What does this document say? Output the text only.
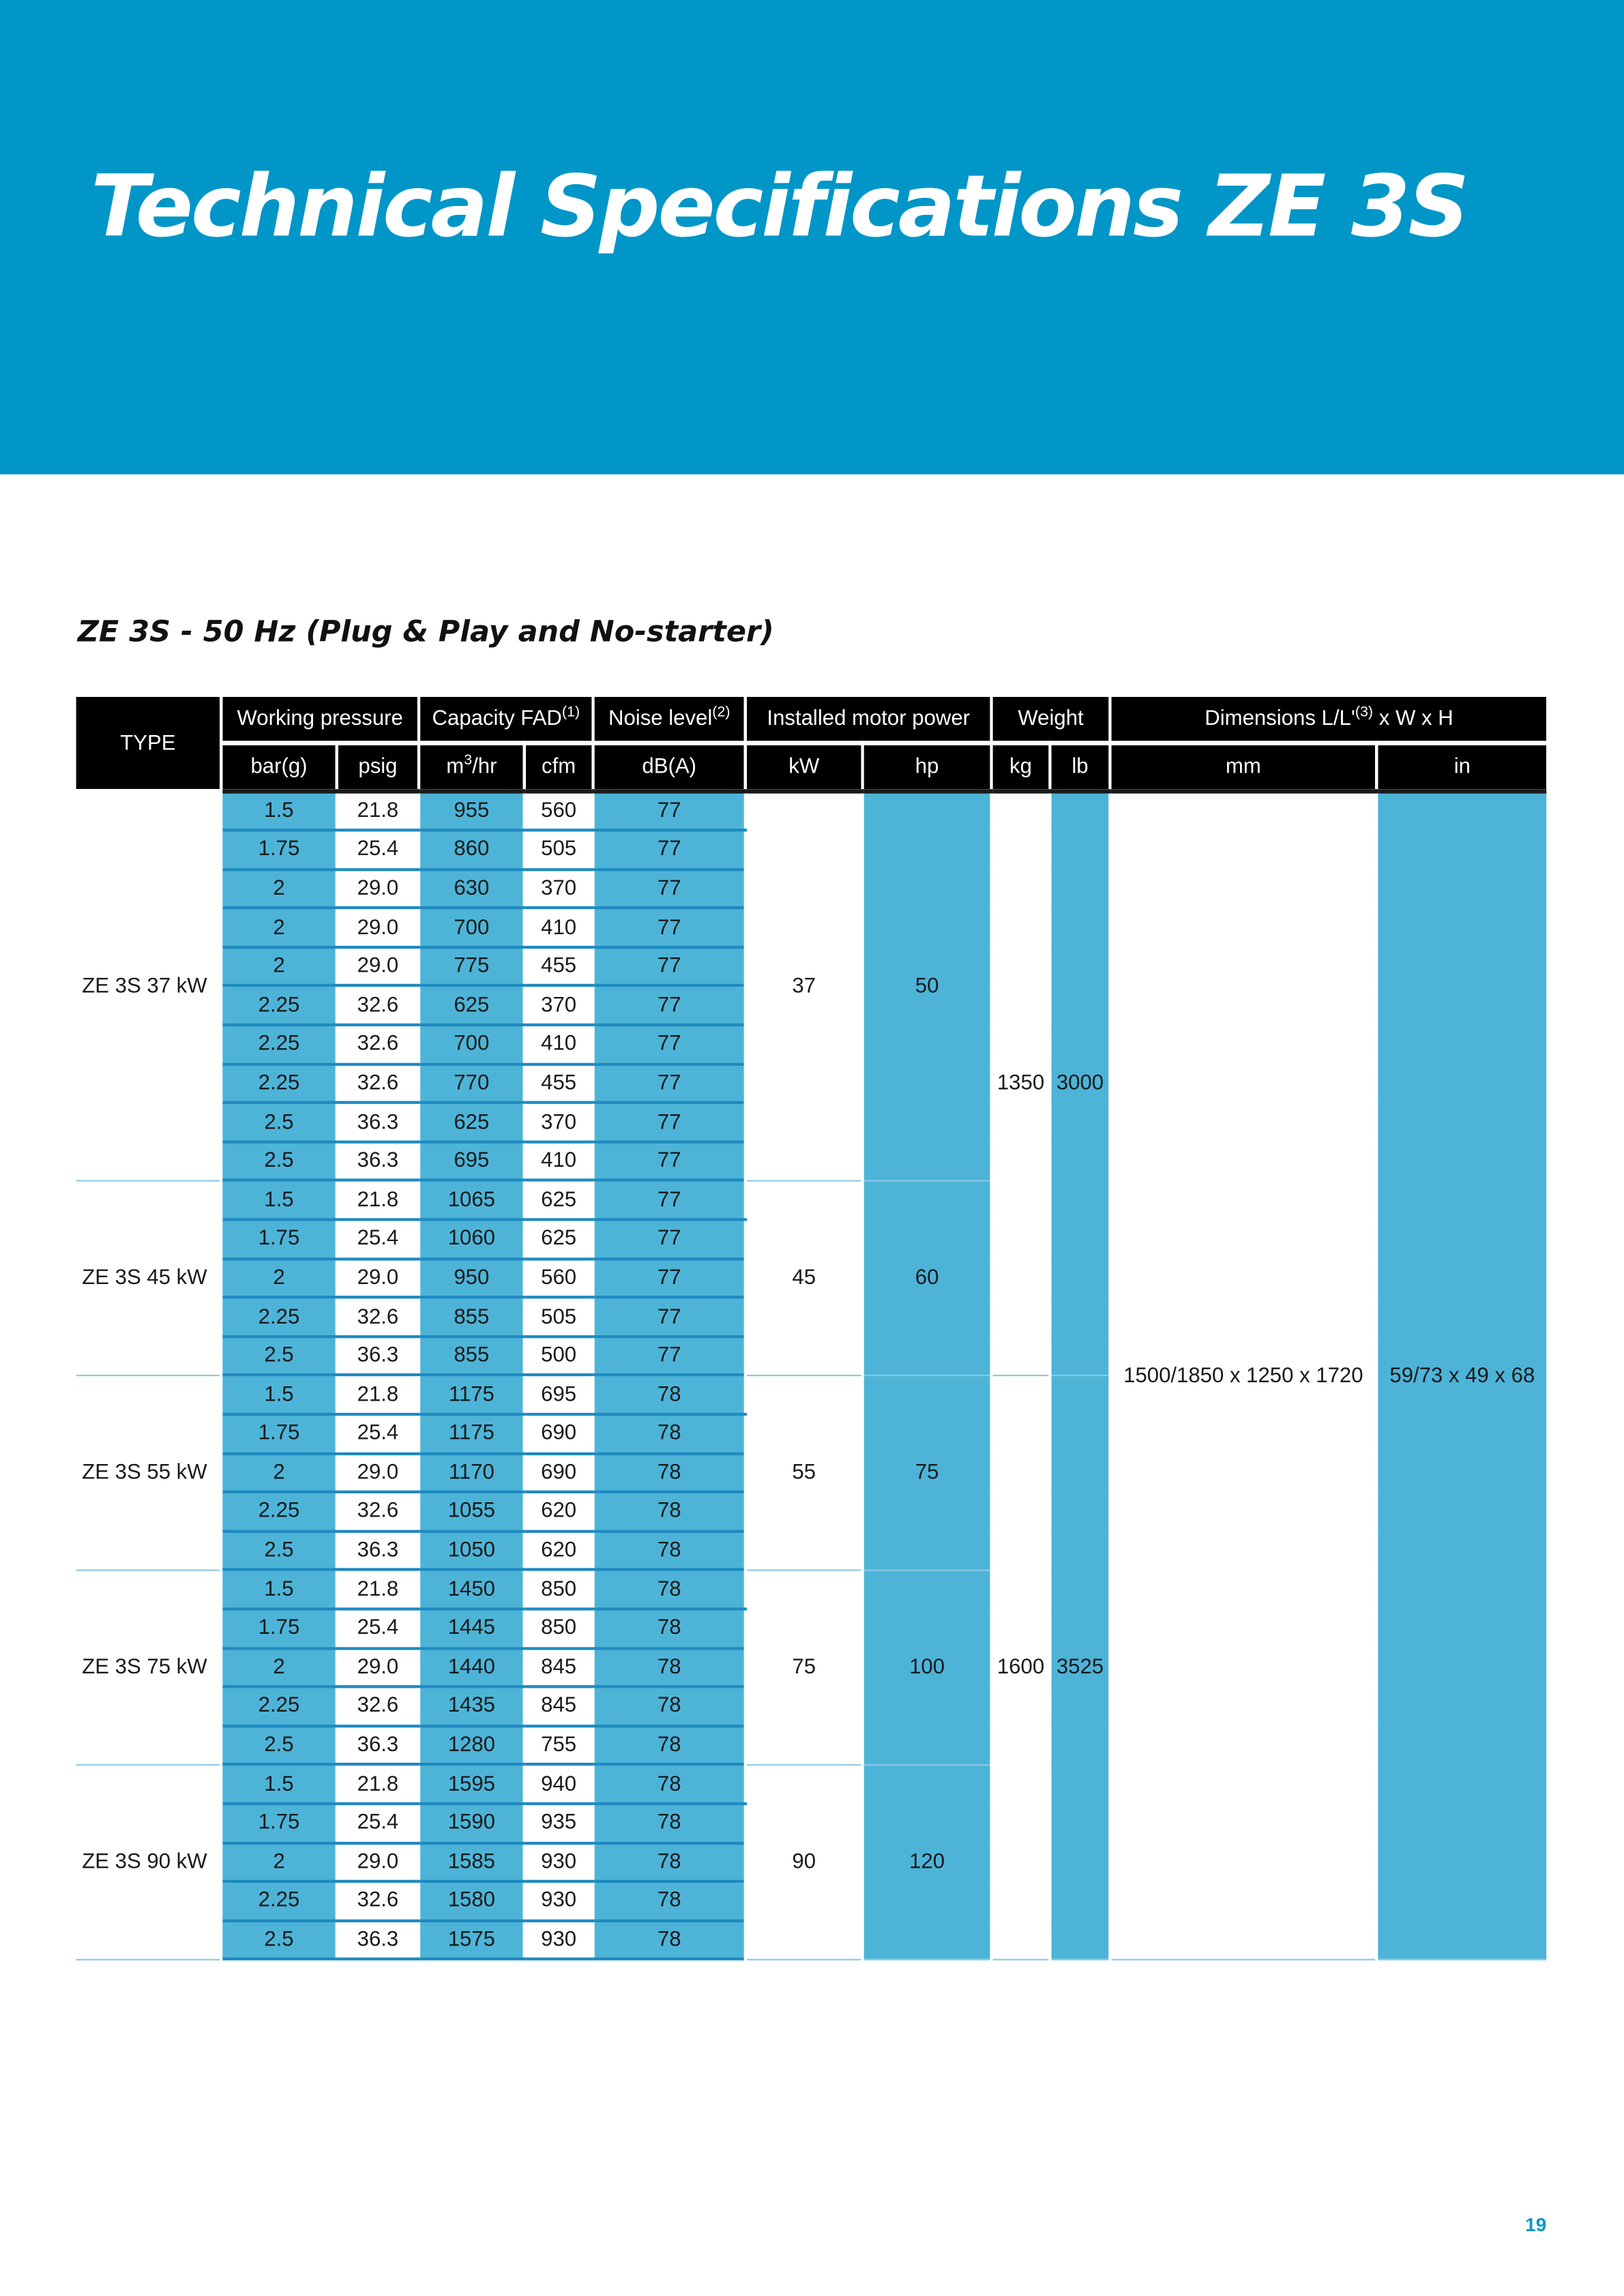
Technical Specifications ZE 3S
ZE 3S - 50 Hz (Plug & Play and No-starter)
TYPE	Working pressure		Capacity FAD$^{(1)}$		Noise level$^{(2)}$	Installed motor power		Weight		Dimensions $L/L'^{(3)}$ x W x H	
	bar(g)	psig	$m^3/hr$	cfm	dB(A)	kW	hp	kg	lb	mm	in
ZE 3S 37 kW	1.5	21.8	955	560	77	37	50	1350	3000	1500/1850 x 1250 x 1720	59/73 x 49 x 68
	1.75	25.4	860	505	77						
	2	29.0	630	370	77						
	2	29.0	700	410	77						
	2	29.0	775	455	77						
	2.25	32.6	625	370	77						
	2.25	32.6	700	410	77						
	2.25	32.6	770	455	77						
	2.5	36.3	625	370	77						
	2.5	36.3	695	410	77						
ZE 3S 45 kW	1.5	21.8	1065	625	77	45	60				
	1.75	25.4	1060	625	77						
	2	29.0	950	560	77						
	2.25	32.6	855	505	77						
	2.5	36.3	855	500	77						
ZE 3S 55 kW	1.5	21.8	1175	695	78	55	75	1600	3525		
	1.75	25.4	1175	690	78						
	2	29.0	1170	690	78						
	2.25	32.6	1055	620	78						
	2.5	36.3	1050	620	78						
ZE 3S 75 kW	1.5	21.8	1450	850	78	75	100				
	1.75	25.4	1445	850	78						
	2	29.0	1440	845	78						
	2.25	32.6	1435	845	78						
	2.5	36.3	1280	755	78						
ZE 3S 90 kW	1.5	21.8	1595	940	78	90	120				
	1.75	25.4	1590	935	78						
	2	29.0	1585	930	78						
	2.25	32.6	1580	930	78						
	2.5	36.3	1575	930	78						
19
